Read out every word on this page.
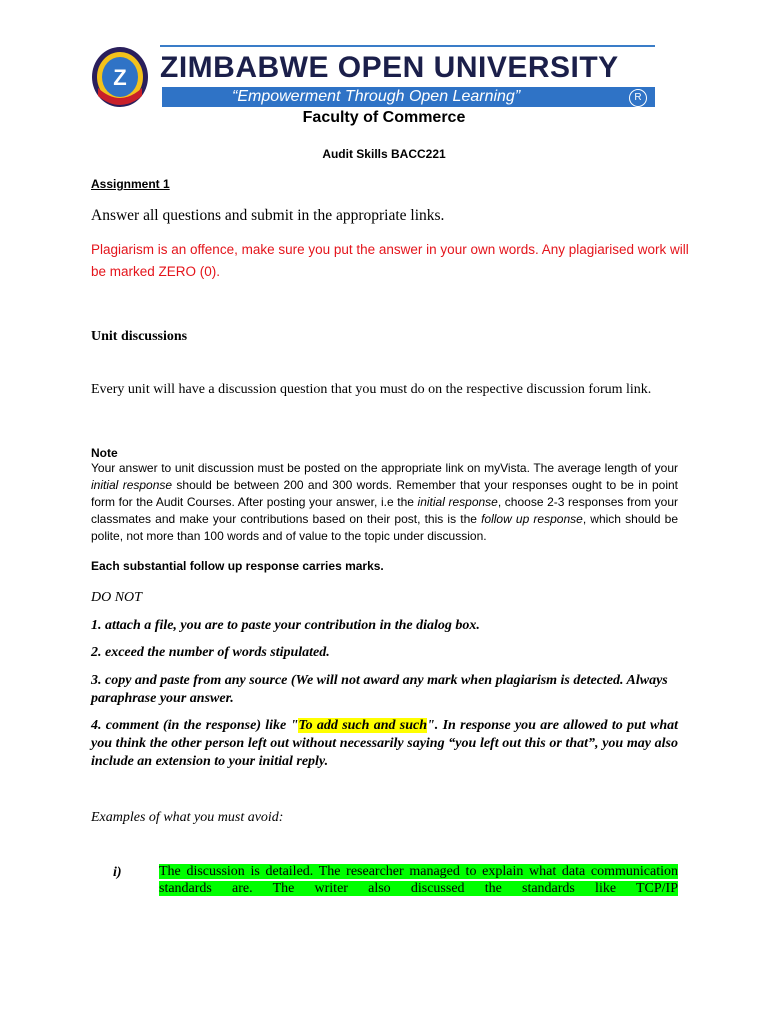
Z ZIMBABWE OPEN UNIVERSITY
“Empowerment Through Open Learning”	R
Faculty of Commerce
Audit Skills BACC221
Assignment 1
Answer all questions and submit in the appropriate links.
Plagiarism is an offence, make sure you put the answer in your own words. Any plagiarised work will be marked ZERO (0).
Unit discussions
Every unit will have a discussion question that you must do on the respective discussion forum link.
Note
Your answer to unit discussion must be posted on the appropriate link on myVista. The average length of your initial response should be between 200 and 300 words. Remember that your responses ought to be in point form for the Audit Courses. After posting your answer, i.e the initial response, choose 2-3 responses from your classmates and make your contributions based on their post, this is the follow up response, which should be polite, not more than 100 words and of value to the topic under discussion.
Each substantial follow up response carries marks.
DO NOT
1. attach a file, you are to paste your contribution in the dialog box.
2. exceed the number of words stipulated.
3. copy and paste from any source (We will not award any mark when plagiarism is detected. Always paraphrase your answer.
4. comment (in the response) like "To add such and such". In response you are allowed to put what you think the other person left out without necessarily saying “you left out this or that”, you may also include an extension to your initial reply.
Examples of what you must avoid:
i)	The discussion is detailed. The researcher managed to explain what data communication standards are. The writer also discussed the standards like TCP/IP
